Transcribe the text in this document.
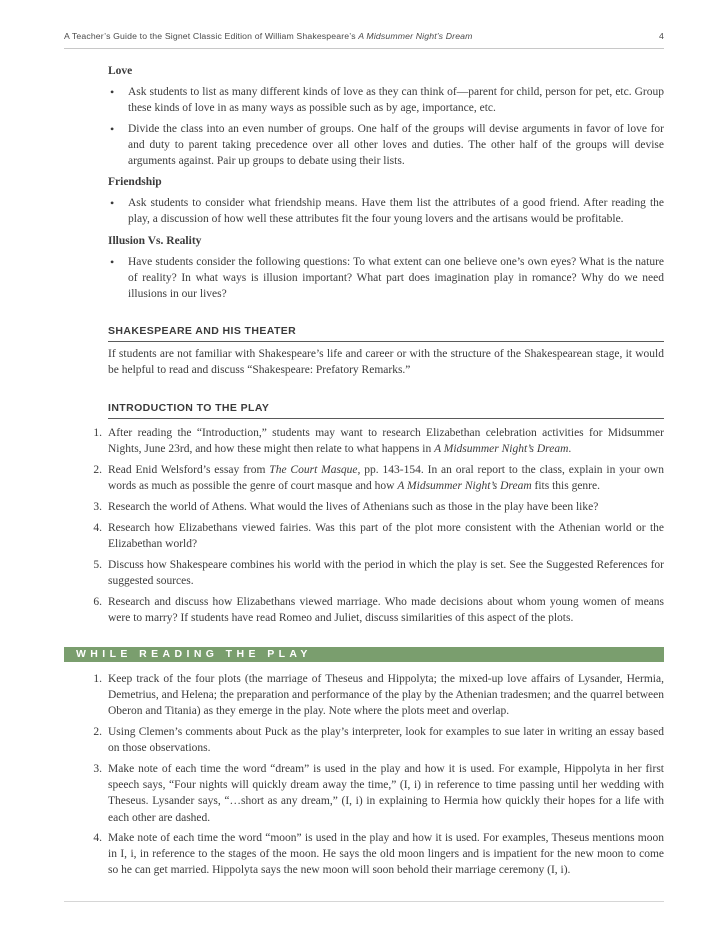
A Teacher’s Guide to the Signet Classic Edition of William Shakespeare’s A Midsummer Night’s Dream	4
Love
• Ask students to list as many different kinds of love as they can think of—parent for child, person for pet, etc. Group these kinds of love in as many ways as possible such as by age, importance, etc.
• Divide the class into an even number of groups. One half of the groups will devise arguments in favor of love for and duty to parent taking precedence over all other loves and duties. The other half of the groups will devise arguments against. Pair up groups to debate using their lists.
Friendship
• Ask students to consider what friendship means. Have them list the attributes of a good friend. After reading the play, a discussion of how well these attributes fit the four young lovers and the artisans would be profitable.
Illusion Vs. Reality
• Have students consider the following questions: To what extent can one believe one’s own eyes? What is the nature of reality? In what ways is illusion important? What part does imagination play in romance? Why do we need illusions in our lives?
SHAKESPEARE AND HIS THEATER
If students are not familiar with Shakespeare’s life and career or with the structure of the Shakespearean stage, it would be helpful to read and discuss “Shakespeare: Prefatory Remarks.”
INTRODUCTION TO THE PLAY
1. After reading the “Introduction,” students may want to research Elizabethan celebration activities for Midsummer Nights, June 23rd, and how these might then relate to what happens in A Midsummer Night’s Dream.
2. Read Enid Welsford’s essay from The Court Masque, pp. 143-154. In an oral report to the class, explain in your own words as much as possible the genre of court masque and how A Midsummer Night’s Dream fits this genre.
3. Research the world of Athens. What would the lives of Athenians such as those in the play have been like?
4. Research how Elizabethans viewed fairies. Was this part of the plot more consistent with the Athenian world or the Elizabethan world?
5. Discuss how Shakespeare combines his world with the period in which the play is set. See the Suggested References for suggested sources.
6. Research and discuss how Elizabethans viewed marriage. Who made decisions about whom young women of means were to marry? If students have read Romeo and Juliet, discuss similarities of this aspect of the plots.
1. Keep track of the four plots (the marriage of Theseus and Hippolyta; the mixed-up love affairs of Lysander, Hermia, Demetrius, and Helena; the preparation and performance of the play by the Athenian tradesmen; and the quarrel between Oberon and Titania) as they emerge in the play. Note where the plots meet and overlap.
2. Using Clemen’s comments about Puck as the play’s interpreter, look for examples to sue later in writing an essay based on those observations.
3. Make note of each time the word “dream” is used in the play and how it is used. For example, Hippolyta in her first speech says, “Four nights will quickly dream away the time,” (I, i) in reference to time passing until her wedding with Theseus. Lysander says, “…short as any dream,” (I, i) in explaining to Hermia how quickly their hopes for a life with each other are dashed.
4. Make note of each time the word “moon” is used in the play and how it is used. For examples, Theseus mentions moon in I, i, in reference to the stages of the moon. He says the old moon lingers and is impatient for the new moon to come so he can get married. Hippolyta says the new moon will soon behold their marriage ceremony (I, i).
WHILE READING THE PLAY
